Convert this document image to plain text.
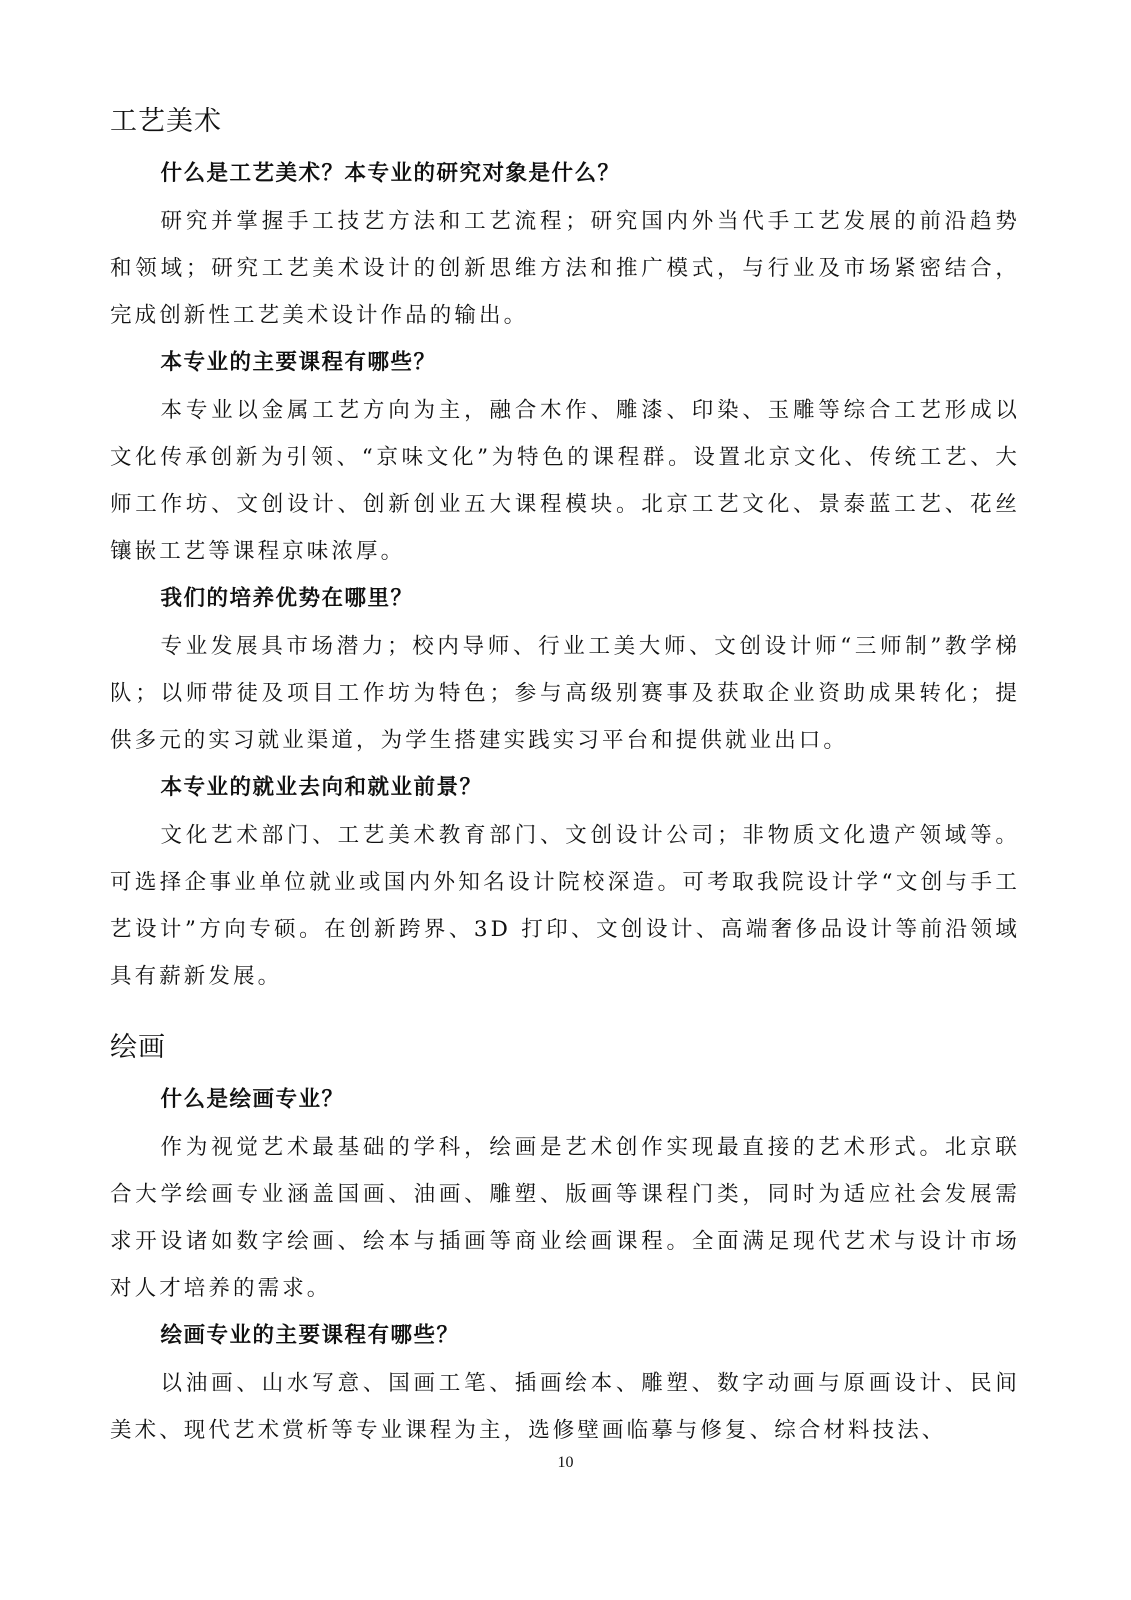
工艺美术

什么是工艺美术？本专业的研究对象是什么？

研究并掌握手工技艺方法和工艺流程；研究国内外当代手工艺发展的前沿趋势和领域；研究工艺美术设计的创新思维方法和推广模式，与行业及市场紧密结合，完成创新性工艺美术设计作品的输出。

本专业的主要课程有哪些？

本专业以金属工艺方向为主，融合木作、雕漆、印染、玉雕等综合工艺形成以文化传承创新为引领、“京味文化”为特色的课程群。设置北京文化、传统工艺、大师工作坊、文创设计、创新创业五大课程模块。北京工艺文化、景泰蓝工艺、花丝镶嵌工艺等课程京味浓厚。

我们的培养优势在哪里？

专业发展具市场潜力；校内导师、行业工美大师、文创设计师“三师制”教学梯队；以师带徒及项目工作坊为特色；参与高级别赛事及获取企业资助成果转化；提供多元的实习就业渠道，为学生搭建实践实习平台和提供就业出口。

本专业的就业去向和就业前景？

文化艺术部门、工艺美术教育部门、文创设计公司；非物质文化遗产领域等。可选择企事业单位就业或国内外知名设计院校深造。可考取我院设计学“文创与手工艺设计”方向专硕。在创新跨界、3D 打印、文创设计、高端奢侈品设计等前沿领域具有薪新发展。

绘画

什么是绘画专业？

作为视觉艺术最基础的学科，绘画是艺术创作实现最直接的艺术形式。北京联合大学绘画专业涵盖国画、油画、雕塑、版画等课程门类，同时为适应社会发展需求开设诸如数字绘画、绘本与插画等商业绘画课程。全面满足现代艺术与设计市场对人才培养的需求。

绘画专业的主要课程有哪些？

以油画、山水写意、国画工笔、插画绘本、雕塑、数字动画与原画设计、民间美术、现代艺术赏析等专业课程为主，选修壁画临摹与修复、综合材料技法、

10
